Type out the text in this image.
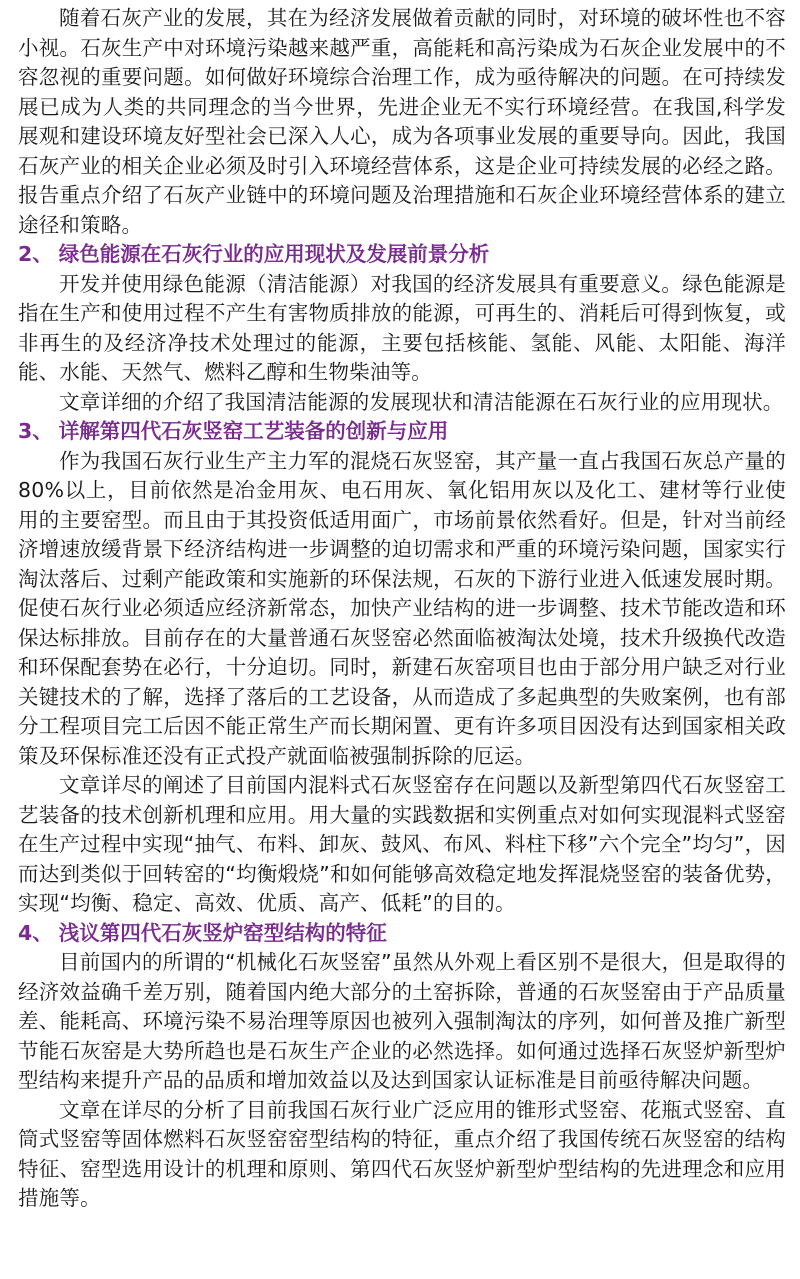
随着石灰产业的发展，其在为经济发展做着贡献的同时，对环境的破坏性也不容小视。石灰生产中对环境污染越来越严重，高能耗和高污染成为石灰企业发展中的不容忽视的重要问题。如何做好环境综合治理工作，成为亟待解决的问题。在可持续发展已成为人类的共同理念的当今世界，先进企业无不实行环境经营。在我国,科学发展观和建设环境友好型社会已深入人心，成为各项事业发展的重要导向。因此，我国石灰产业的相关企业必须及时引入环境经营体系，这是企业可持续发展的必经之路。报告重点介绍了石灰产业链中的环境问题及治理措施和石灰企业环境经营体系的建立途径和策略。

2、 绿色能源在石灰行业的应用现状及发展前景分析

开发并使用绿色能源（清洁能源）对我国的经济发展具有重要意义。绿色能源是指在生产和使用过程不产生有害物质排放的能源，可再生的、消耗后可得到恢复，或非再生的及经济净技术处理过的能源，主要包括核能、氢能、风能、太阳能、海洋能、水能、天然气、燃料乙醇和生物柴油等。

文章详细的介绍了我国清洁能源的发展现状和清洁能源在石灰行业的应用现状。

3、 详解第四代石灰竖窑工艺装备的创新与应用

作为我国石灰行业生产主力军的混烧石灰竖窑，其产量一直占我国石灰总产量的 80%以上，目前依然是冶金用灰、电石用灰、氧化铝用灰以及化工、建材等行业使用的主要窑型。而且由于其投资低适用面广，市场前景依然看好。但是，针对当前经济增速放缓背景下经济结构进一步调整的迫切需求和严重的环境污染问题，国家实行淘汰落后、过剩产能政策和实施新的环保法规，石灰的下游行业进入低速发展时期。促使石灰行业必须适应经济新常态，加快产业结构的进一步调整、技术节能改造和环保达标排放。目前存在的大量普通石灰竖窑必然面临被淘汰处境，技术升级换代改造和环保配套势在必行，十分迫切。同时，新建石灰窑项目也由于部分用户缺乏对行业关键技术的了解，选择了落后的工艺设备，从而造成了多起典型的失败案例，也有部分工程项目完工后因不能正常生产而长期闲置、更有许多项目因没有达到国家相关政策及环保标准还没有正式投产就面临被强制拆除的厄运。

文章详尽的阐述了目前国内混料式石灰竖窑存在问题以及新型第四代石灰竖窑工艺装备的技术创新机理和应用。用大量的实践数据和实例重点对如何实现混料式竖窑在生产过程中实现“抽气、布料、卸灰、鼓风、布风、料柱下移”六个完全”均匀”，因而达到类似于回转窑的“均衡煅烧”和如何能够高效稳定地发挥混烧竖窑的装备优势，实现“均衡、稳定、高效、优质、高产、低耗”的目的。

4、 浅议第四代石灰竖炉窑型结构的特征

目前国内的所谓的“机械化石灰竖窑”虽然从外观上看区别不是很大，但是取得的经济效益确千差万别，随着国内绝大部分的土窑拆除，普通的石灰竖窑由于产品质量差、能耗高、环境污染不易治理等原因也被列入强制淘汰的序列，如何普及推广新型节能石灰窑是大势所趋也是石灰生产企业的必然选择。如何通过选择石灰竖炉新型炉型结构来提升产品的品质和增加效益以及达到国家认证标准是目前亟待解决问题。

文章在详尽的分析了目前我国石灰行业广泛应用的锥形式竖窑、花瓶式竖窑、直筒式竖窑等固体燃料石灰竖窑窑型结构的特征，重点介绍了我国传统石灰竖窑的结构特征、窑型选用设计的机理和原则、第四代石灰竖炉新型炉型结构的先进理念和应用措施等。
